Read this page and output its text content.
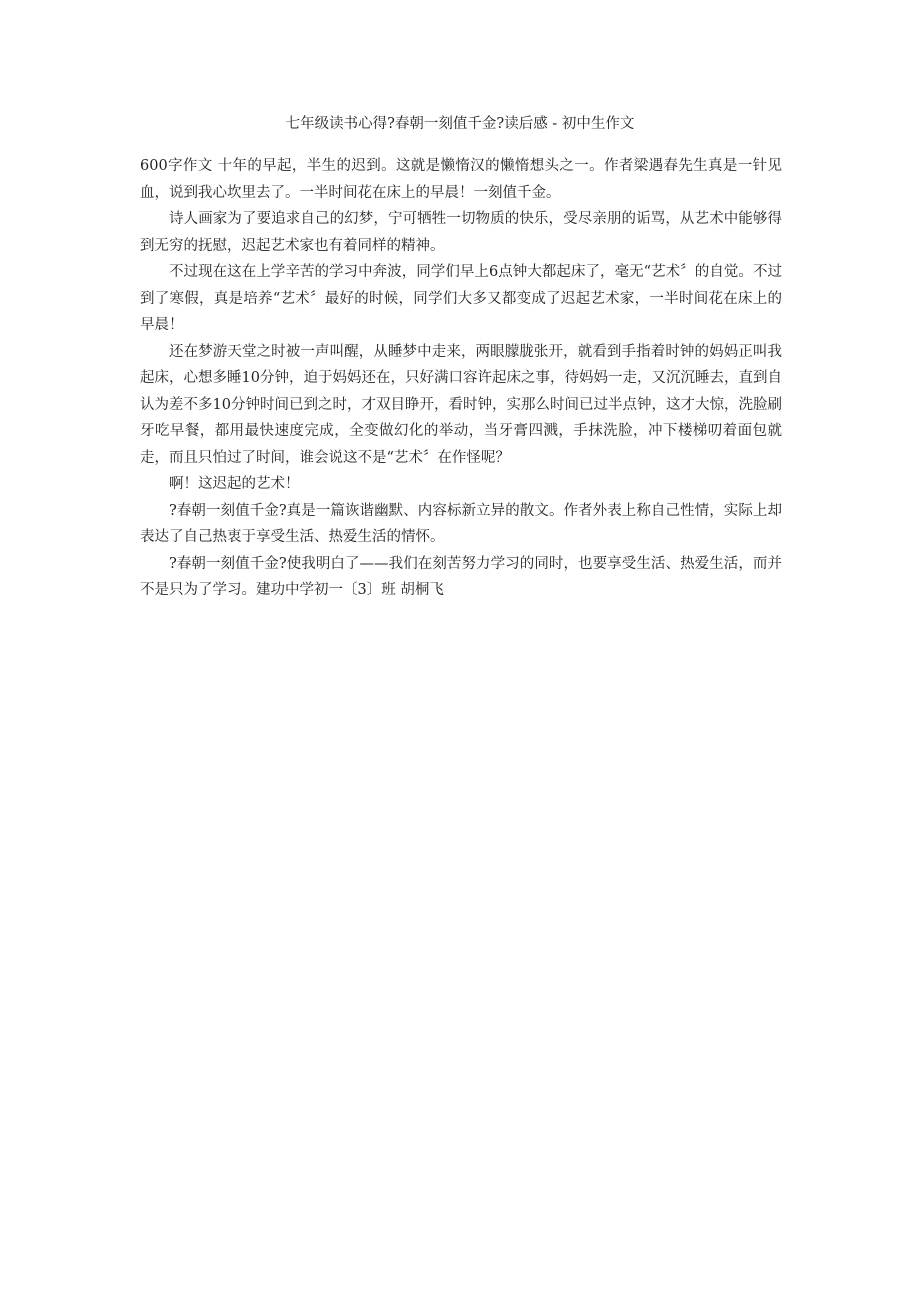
七年级读书心得?春朝一刻值千金?读后感 - 初中生作文

600字作文 十年的早起，半生的迟到。这就是懒惰汉的懒惰想头之一。作者梁遇春先生真是一针见血，说到我心坎里去了。一半时间花在床上的早晨！一刻值千金。

诗人画家为了要追求自己的幻梦，宁可牺牲一切物质的快乐，受尽亲朋的诟骂，从艺术中能够得到无穷的抚慰，迟起艺术家也有着同样的精神。

不过现在这在上学辛苦的学习中奔波，同学们早上6点钟大都起床了，毫无“艺术〞的自觉。不过到了寒假，真是培养“艺术〞最好的时候，同学们大多又都变成了迟起艺术家，一半时间花在床上的早晨！

还在梦游天堂之时被一声叫醒，从睡梦中走来，两眼朦胧张开，就看到手指着时钟的妈妈正叫我起床，心想多睡10分钟，迫于妈妈还在，只好满口容许起床之事，待妈妈一走，又沉沉睡去，直到自认为差不多10分钟时间已到之时，才双目睁开，看时钟，实那么时间已过半点钟，这才大惊，洗脸刷牙吃早餐，都用最快速度完成，全变做幻化的举动，当牙膏四溅，手抹洗脸，冲下楼梯叨着面包就走，而且只怕过了时间，谁会说这不是“艺术〞在作怪呢？

啊！这迟起的艺术！

?春朝一刻值千金?真是一篇诙谐幽默、内容标新立异的散文。作者外表上称自己性情，实际上却表达了自己热衷于享受生活、热爱生活的情怀。

?春朝一刻值千金?使我明白了——我们在刻苦努力学习的同时，也要享受生活、热爱生活，而并不是只为了学习。建功中学初一〔3〕班 胡桐飞
